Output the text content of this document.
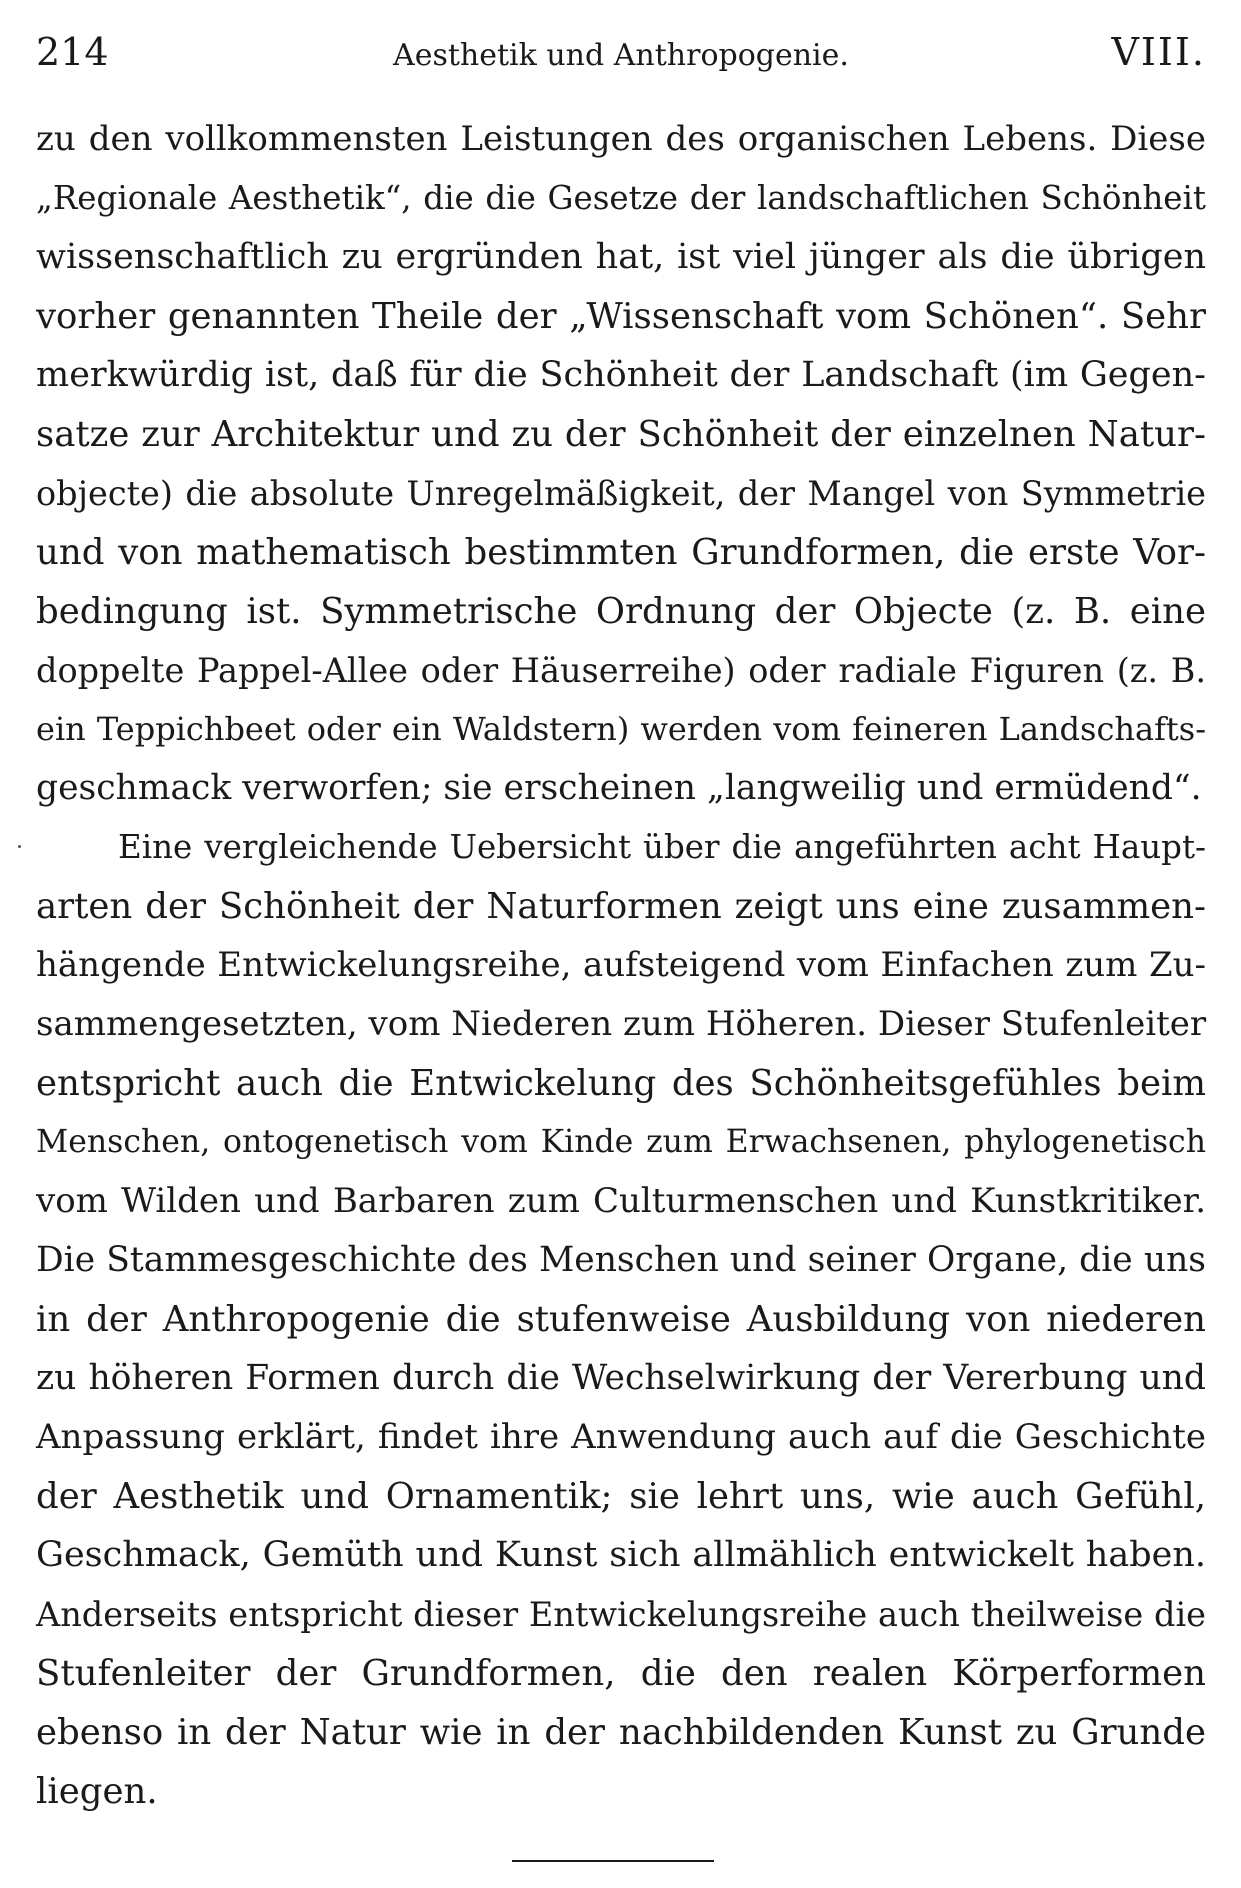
214	Aesthetik und Anthropogenie.	VIII.
zu den vollkommensten Leistungen des organischen Lebens. Diese
„Regionale Aesthetik“, die die Gesetze der landschaftlichen Schönheit
wissenschaftlich zu ergründen hat, ist viel jünger als die übrigen
vorher genannten Theile der „Wissenschaft vom Schönen“. Sehr
merkwürdig ist, daß für die Schönheit der Landschaft (im Gegen-
satze zur Architektur und zu der Schönheit der einzelnen Natur-
objecte) die absolute Unregelmäßigkeit, der Mangel von Symmetrie
und von mathematisch bestimmten Grundformen, die erste Vor-
bedingung ist. Symmetrische Ordnung der Objecte (z. B. eine
doppelte Pappel-Allee oder Häuserreihe) oder radiale Figuren (z. B.
ein Teppichbeet oder ein Waldstern) werden vom feineren Landschafts-
geschmack verworfen; sie erscheinen „langweilig und ermüdend“.
Eine vergleichende Uebersicht über die angeführten acht Haupt-
arten der Schönheit der Naturformen zeigt uns eine zusammen-
hängende Entwickelungsreihe, aufsteigend vom Einfachen zum Zu-
sammengesetzten, vom Niederen zum Höheren. Dieser Stufenleiter
entspricht auch die Entwickelung des Schönheitsgefühles beim
Menschen, ontogenetisch vom Kinde zum Erwachsenen, phylogenetisch
vom Wilden und Barbaren zum Culturmenschen und Kunstkritiker.
Die Stammesgeschichte des Menschen und seiner Organe, die uns
in der Anthropogenie die stufenweise Ausbildung von niederen
zu höheren Formen durch die Wechselwirkung der Vererbung und
Anpassung erklärt, findet ihre Anwendung auch auf die Geschichte
der Aesthetik und Ornamentik; sie lehrt uns, wie auch Gefühl,
Geschmack, Gemüth und Kunst sich allmählich entwickelt haben.
Anderseits entspricht dieser Entwickelungsreihe auch theilweise die
Stufenleiter der Grundformen, die den realen Körperformen
ebenso in der Natur wie in der nachbildenden Kunst zu Grunde
liegen.
